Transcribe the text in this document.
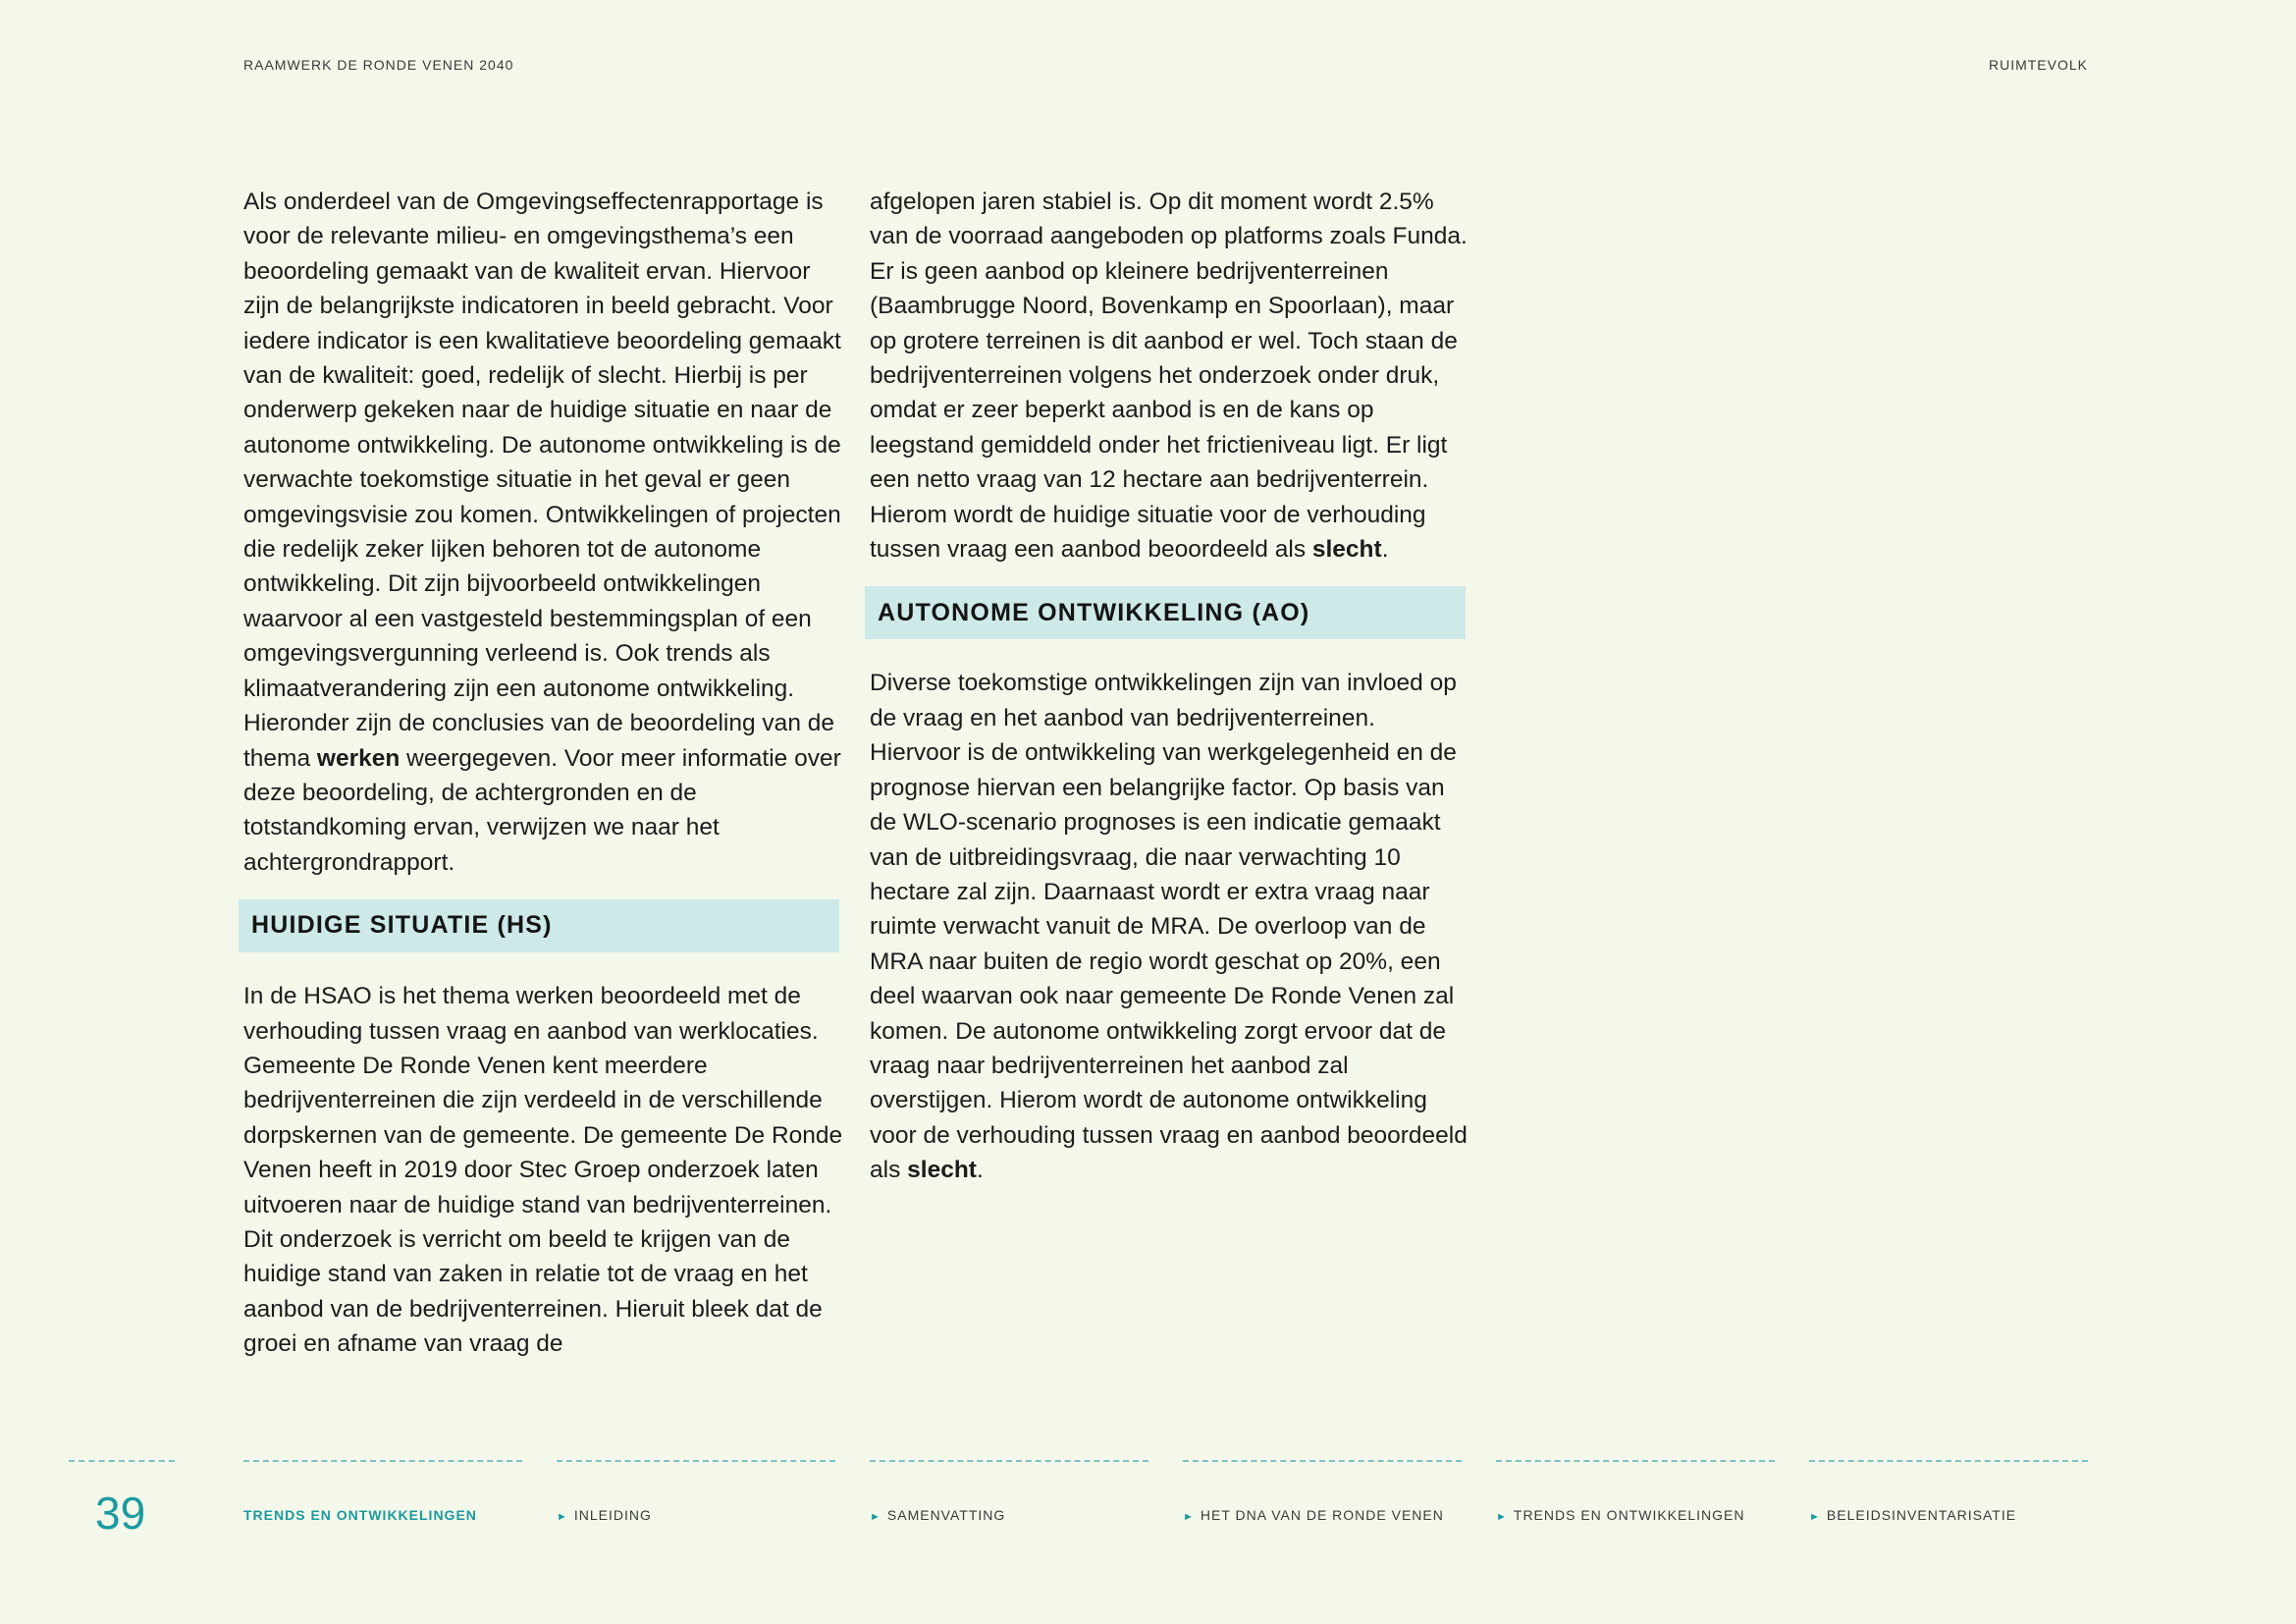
RAAMWERK DE RONDE VENEN 2040	RUIMTEVOLK

Als onderdeel van de Omgevingseffectenrapportage is voor de relevante milieu- en omgevingsthema’s een beoordeling gemaakt van de kwaliteit ervan. Hiervoor zijn de belangrijkste indicatoren in beeld gebracht. Voor iedere indicator is een kwalitatieve beoordeling gemaakt van de kwaliteit: goed, redelijk of slecht. Hierbij is per onderwerp gekeken naar de huidige situatie en naar de autonome ontwikkeling. De autonome ontwikkeling is de verwachte toekomstige situatie in het geval er geen omgevingsvisie zou komen. Ontwikkelingen of projecten die redelijk zeker lijken behoren tot de autonome ontwikkeling. Dit zijn bijvoorbeeld ontwikkelingen waarvoor al een vastgesteld bestemmingsplan of een omgevingsvergunning verleend is. Ook trends als klimaatverandering zijn een autonome ontwikkeling. Hieronder zijn de conclusies van de beoordeling van de thema werken weergegeven. Voor meer informatie over deze beoordeling, de achtergronden en de totstandkoming ervan, verwijzen we naar het achtergrondrapport.

HUIDIGE SITUATIE (HS)

In de HSAO is het thema werken beoordeeld met de verhouding tussen vraag en aanbod van werklocaties. Gemeente De Ronde Venen kent meerdere bedrijventerreinen die zijn verdeeld in de verschillende dorpskernen van de gemeente. De gemeente De Ronde Venen heeft in 2019 door Stec Groep onderzoek laten uitvoeren naar de huidige stand van bedrijventerreinen. Dit onderzoek is verricht om beeld te krijgen van de huidige stand van zaken in relatie tot de vraag en het aanbod van de bedrijventerreinen. Hieruit bleek dat de groei en afname van vraag de

afgelopen jaren stabiel is. Op dit moment wordt 2.5% van de voorraad aangeboden op platforms zoals Funda. Er is geen aanbod op kleinere bedrijventerreinen (Baambrugge Noord, Bovenkamp en Spoorlaan), maar op grotere terreinen is dit aanbod er wel. Toch staan de bedrijventerreinen volgens het onderzoek onder druk, omdat er zeer beperkt aanbod is en de kans op leegstand gemiddeld onder het frictieniveau ligt. Er ligt een netto vraag van 12 hectare aan bedrijventerrein. Hierom wordt de huidige situatie voor de verhouding tussen vraag een aanbod beoordeeld als slecht.

AUTONOME ONTWIKKELING (AO)

Diverse toekomstige ontwikkelingen zijn van invloed op de vraag en het aanbod van bedrijventerreinen. Hiervoor is de ontwikkeling van werkgelegenheid en de prognose hiervan een belangrijke factor. Op basis van de WLO-scenario prognoses is een indicatie gemaakt van de uitbreidingsvraag, die naar verwachting 10 hectare zal zijn. Daarnaast wordt er extra vraag naar ruimte verwacht vanuit de MRA. De overloop van de MRA naar buiten de regio wordt geschat op 20%, een deel waarvan ook naar gemeente De Ronde Venen zal komen. De autonome ontwikkeling zorgt ervoor dat de vraag naar bedrijventerreinen het aanbod zal overstijgen. Hierom wordt de autonome ontwikkeling voor de verhouding tussen vraag en aanbod beoordeeld als slecht.

39	TRENDS EN ONTWIKKELINGEN	► INLEIDING	► SAMENVATTING	► HET DNA VAN DE RONDE VENEN	► TRENDS EN ONTWIKKELINGEN	► BELEIDSINVENTARISATIE
